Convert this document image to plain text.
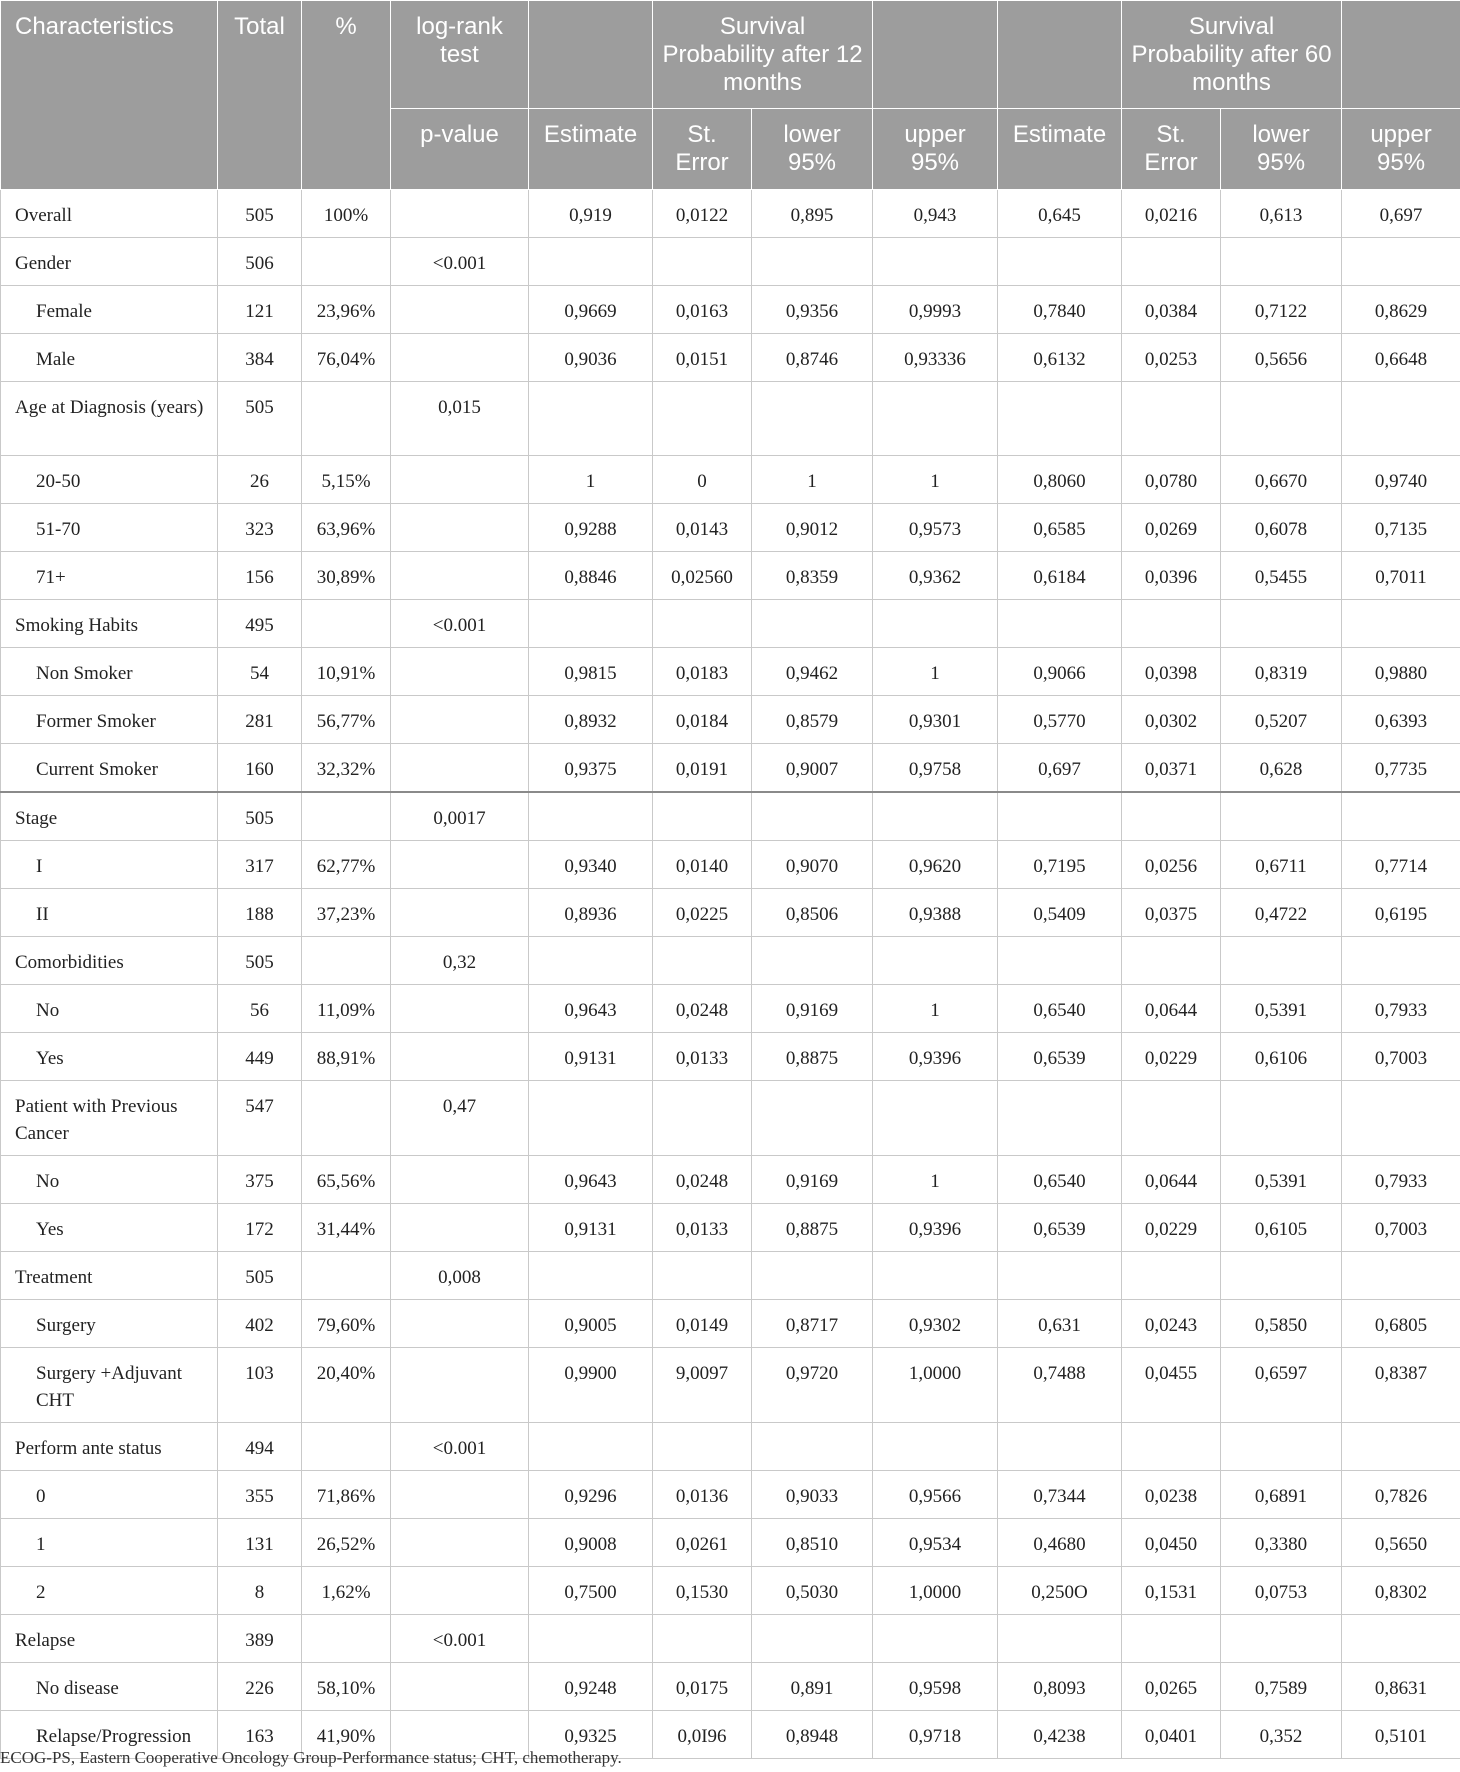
Characteristics	Total	%	log-rank test		Survival Probability after 12 months				Survival Probability after 60 months		
			p-value	Estimate	St. Error	lower 95%	upper 95%	Estimate	St. Error	lower 95%	upper 95%
Overall	505	100%		0,919	0,0122	0,895	0,943	0,645	0,0216	0,613	0,697
Gender	506		<0.001								
Female	121	23,96%		0,9669	0,0163	0,9356	0,9993	0,7840	0,0384	0,7122	0,8629
Male	384	76,04%		0,9036	0,0151	0,8746	0,93336	0,6132	0,0253	0,5656	0,6648
Age at Diagnosis (years)	505		0,015								
20-50	26	5,15%		1	0	1	1	0,8060	0,0780	0,6670	0,9740
51-70	323	63,96%		0,9288	0,0143	0,9012	0,9573	0,6585	0,0269	0,6078	0,7135
71+	156	30,89%		0,8846	0,02560	0,8359	0,9362	0,6184	0,0396	0,5455	0,7011
Smoking Habits	495		<0.001								
Non Smoker	54	10,91%		0,9815	0,0183	0,9462	1	0,9066	0,0398	0,8319	0,9880
Former Smoker	281	56,77%		0,8932	0,0184	0,8579	0,9301	0,5770	0,0302	0,5207	0,6393
Current Smoker	160	32,32%		0,9375	0,0191	0,9007	0,9758	0,697	0,0371	0,628	0,7735
Stage	505		0,0017								
I	317	62,77%		0,9340	0,0140	0,9070	0,9620	0,7195	0,0256	0,6711	0,7714
II	188	37,23%		0,8936	0,0225	0,8506	0,9388	0,5409	0,0375	0,4722	0,6195
Comorbidities	505		0,32								
No	56	11,09%		0,9643	0,0248	0,9169	1	0,6540	0,0644	0,5391	0,7933
Yes	449	88,91%		0,9131	0,0133	0,8875	0,9396	0,6539	0,0229	0,6106	0,7003
Patient with Previous Cancer	547		0,47								
No	375	65,56%		0,9643	0,0248	0,9169	1	0,6540	0,0644	0,5391	0,7933
Yes	172	31,44%		0,9131	0,0133	0,8875	0,9396	0,6539	0,0229	0,6105	0,7003
Treatment	505		0,008								
Surgery	402	79,60%		0,9005	0,0149	0,8717	0,9302	0,631	0,0243	0,5850	0,6805
Surgery +Adjuvant CHT	103	20,40%		0,9900	9,0097	0,9720	1,0000	0,7488	0,0455	0,6597	0,8387
Perform ante status	494		<0.001								
0	355	71,86%		0,9296	0,0136	0,9033	0,9566	0,7344	0,0238	0,6891	0,7826
1	131	26,52%		0,9008	0,0261	0,8510	0,9534	0,4680	0,0450	0,3380	0,5650
2	8	1,62%		0,7500	0,1530	0,5030	1,0000	0,250O	0,1531	0,0753	0,8302
Relapse	389		<0.001								
No disease	226	58,10%		0,9248	0,0175	0,891	0,9598	0,8093	0,0265	0,7589	0,8631
Relapse/Progression	163	41,90%		0,9325	0,0I96	0,8948	0,9718	0,4238	0,0401	0,352	0,5101
ECOG-PS, Eastern Cooperative Oncology Group-Performance status; CHT, chemotherapy.
